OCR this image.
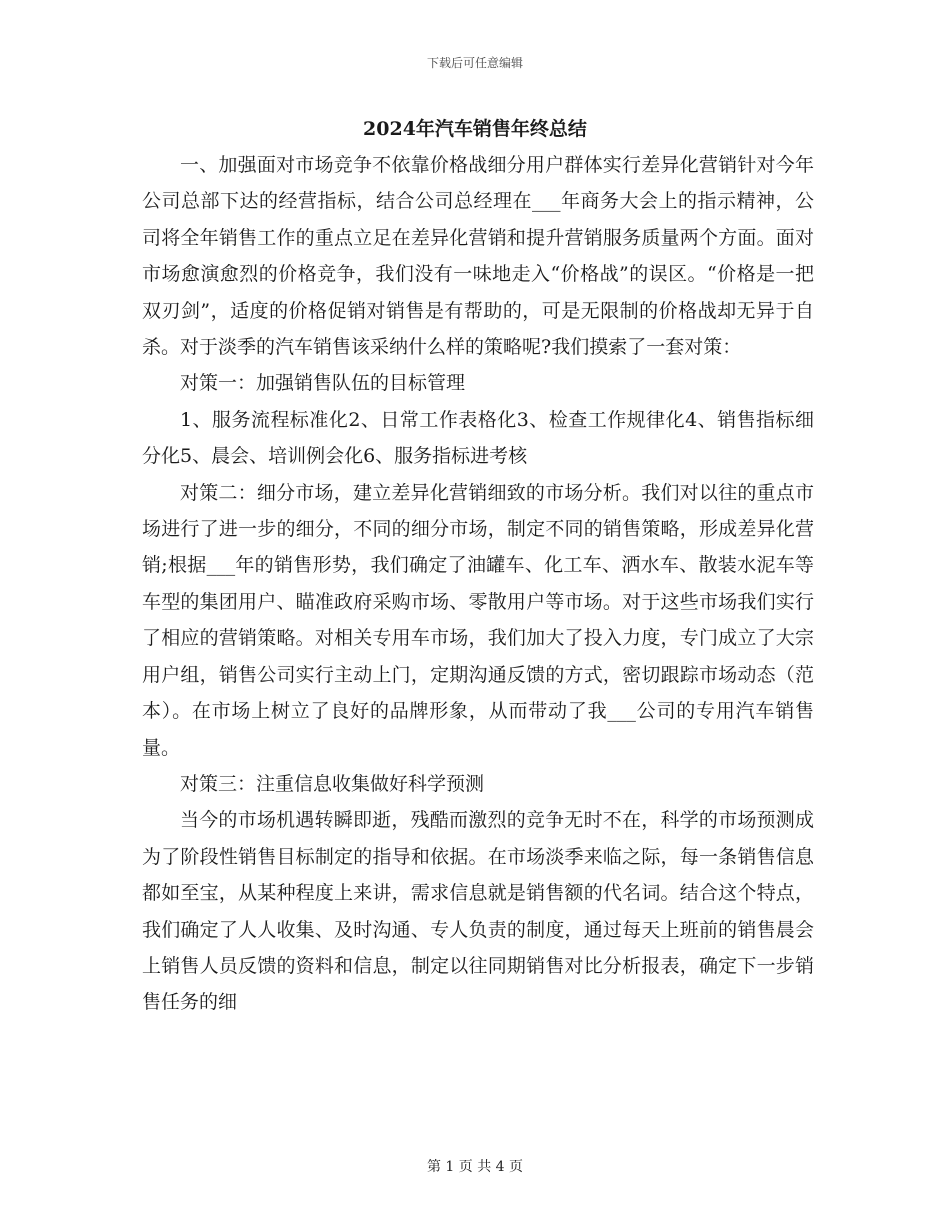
下载后可任意编辑
2024年汽车销售年终总结

一、加强面对市场竞争不依靠价格战细分用户群体实行差异化营销针对今年公司总部下达的经营指标，结合公司总经理在___年商务大会上的指示精神，公司将全年销售工作的重点立足在差异化营销和提升营销服务质量两个方面。面对市场愈演愈烈的价格竞争，我们没有一味地走入“价格战”的误区。“价格是一把双刃剑”，适度的价格促销对销售是有帮助的，可是无限制的价格战却无异于自杀。对于淡季的汽车销售该采纳什么样的策略呢?我们摸索了一套对策：

对策一：加强销售队伍的目标管理

1、服务流程标准化2、日常工作表格化3、检查工作规律化4、销售指标细分化5、晨会、培训例会化6、服务指标进考核

对策二：细分市场，建立差异化营销细致的市场分析。我们对以往的重点市场进行了进一步的细分，不同的细分市场，制定不同的销售策略，形成差异化营销;根据___年的销售形势，我们确定了油罐车、化工车、洒水车、散装水泥车等车型的集团用户、瞄准政府采购市场、零散用户等市场。对于这些市场我们实行了相应的营销策略。对相关专用车市场，我们加大了投入力度，专门成立了大宗用户组，销售公司实行主动上门，定期沟通反馈的方式，密切跟踪市场动态（范本）。在市场上树立了良好的品牌形象，从而带动了我___公司的专用汽车销售量。

对策三：注重信息收集做好科学预测

当今的市场机遇转瞬即逝，残酷而激烈的竞争无时不在，科学的市场预测成为了阶段性销售目标制定的指导和依据。在市场淡季来临之际，每一条销售信息都如至宝，从某种程度上来讲，需求信息就是销售额的代名词。结合这个特点，我们确定了人人收集、及时沟通、专人负责的制度，通过每天上班前的销售晨会上销售人员反馈的资料和信息，制定以往同期销售对比分析报表，确定下一步销售任务的细

第 1 页 共 4 页
